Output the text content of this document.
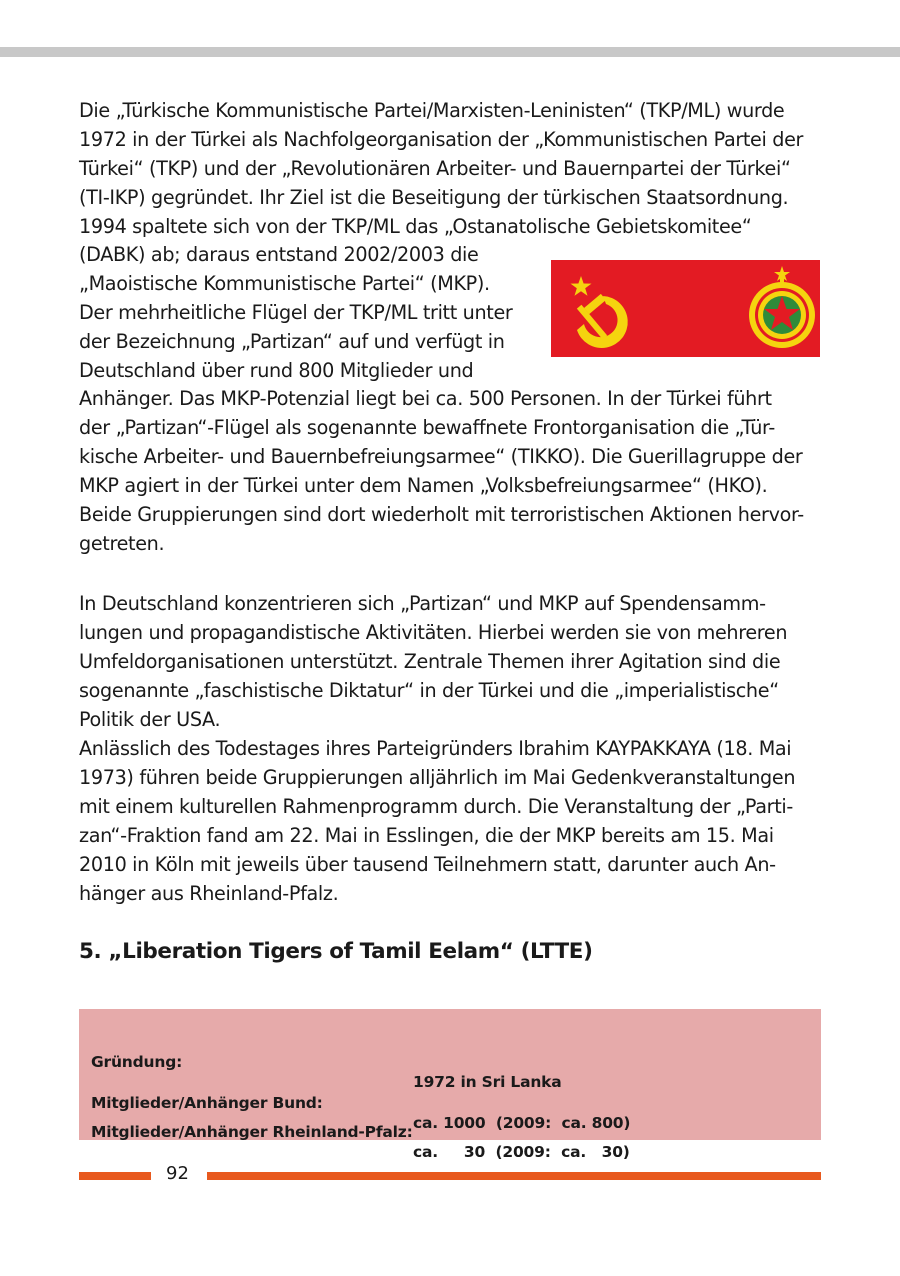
Die „Türkische Kommunistische Partei/Marxisten-Leninisten“ (TKP/ML) wurde
1972 in der Türkei als Nachfolgeorganisation der „Kommunistischen Partei der
Türkei“ (TKP) und der „Revolutionären Arbeiter- und Bauernpartei der Türkei“
(TI-IKP) gegründet. Ihr Ziel ist die Beseitigung der türkischen Staatsordnung.
1994 spaltete sich von der TKP/ML das „Ostanatolische Gebietskomitee“

(DABK) ab; daraus entstand 2002/2003 die
„Maoistische Kommunistische Partei“ (MKP).
Der mehrheitliche Flügel der TKP/ML tritt unter
der Bezeichnung „Partizan“ auf und verfügt in
Deutschland über rund 800 Mitglieder und

Anhänger. Das MKP-Potenzial liegt bei ca. 500 Personen. In der Türkei führt
der „Partizan“-Flügel als sogenannte bewaffnete Frontorganisation die „Tür-
kische Arbeiter- und Bauernbefreiungsarmee“ (TIKKO). Die Guerillagruppe der
MKP agiert in der Türkei unter dem Namen „Volksbefreiungsarmee“ (HKO).
Beide Gruppierungen sind dort wiederholt mit terroristischen Aktionen hervor-
getreten.

In Deutschland konzentrieren sich „Partizan“ und MKP auf Spendensamm-
lungen und propagandistische Aktivitäten. Hierbei werden sie von mehreren
Umfeldorganisationen unterstützt. Zentrale Themen ihrer Agitation sind die
sogenannte „faschistische Diktatur“ in der Türkei und die „imperialistische“
Politik der USA.
Anlässlich des Todestages ihres Parteigründers Ibrahim KAYPAKKAYA (18. Mai
1973) führen beide Gruppierungen alljährlich im Mai Gedenkveranstaltungen
mit einem kulturellen Rahmenprogramm durch. Die Veranstaltung der „Parti-
zan“-Fraktion fand am 22. Mai in Esslingen, die der MKP bereits am 15. Mai
2010 in Köln mit jeweils über tausend Teilnehmern statt, darunter auch An-
hänger aus Rheinland-Pfalz.

5. „Liberation Tigers of Tamil Eelam“ (LTTE)

Gründung:

1972 in Sri Lanka

Mitglieder/Anhänger Bund:

ca. 1000  (2009:  ca. 800)

Mitglieder/Anhänger Rheinland-Pfalz:

ca.     30  (2009:  ca.   30)

92
